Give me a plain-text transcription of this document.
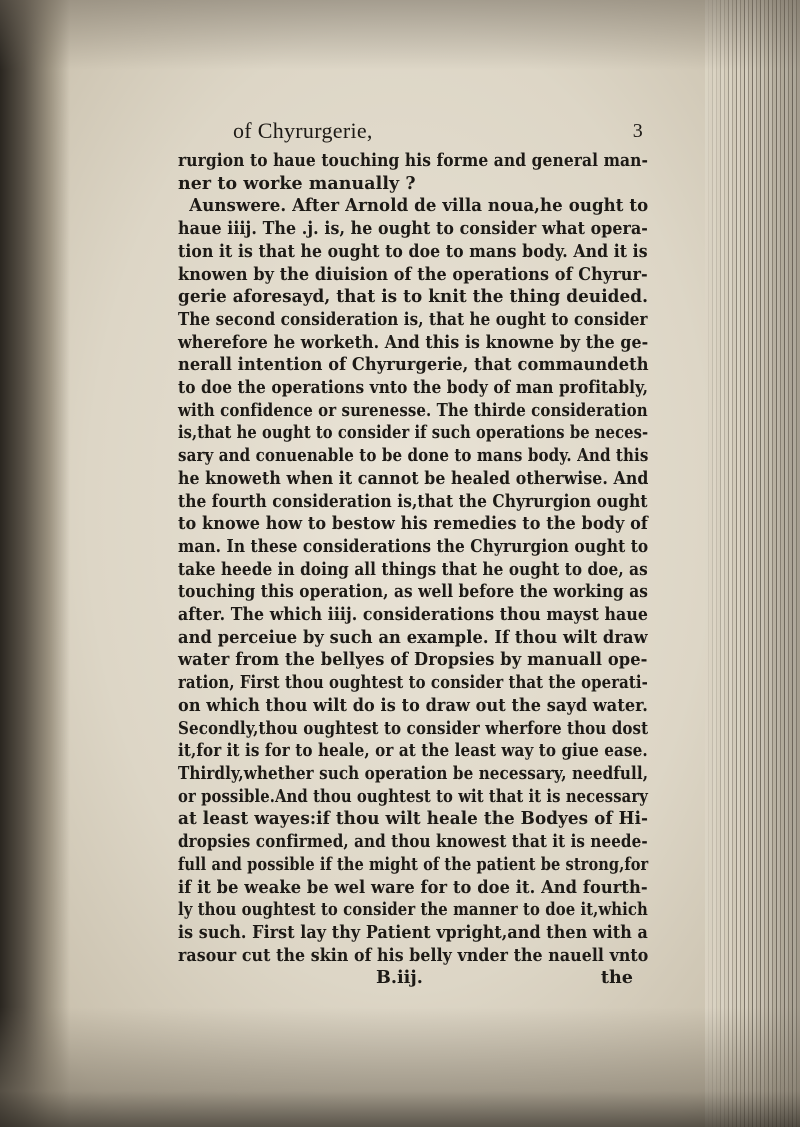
of Chyrurgerie,	3
rurgion to haue touching his forme and general man-
ner to worke manually ?
Aunswere. After Arnold de villa noua,he ought to
haue iiij. The .j. is, he ought to consider what opera-
tion it is that he ought to doe to mans body. And it is
knowen by the diuision of the operations of Chyrur-
gerie aforesayd, that is to knit the thing deuided.
The second consideration is, that he ought to consider
wherefore he worketh. And this is knowne by the ge-
nerall intention of Chyrurgerie, that commaundeth
to doe the operations vnto the body of man profitably,
with confidence or surenesse. The thirde consideration
is,that he ought to consider if such operations be neces-
sary and conuenable to be done to mans body. And this
he knoweth when it cannot be healed otherwise. And
the fourth consideration is,that the Chyrurgion ought
to knowe how to bestow his remedies to the body of
man. In these considerations the Chyrurgion ought to
take heede in doing all things that he ought to doe, as
touching this operation, as well before the working as
after. The which iiij. considerations thou mayst haue
and perceiue by such an example. If thou wilt draw
water from the bellyes of Dropsies by manuall ope-
ration, First thou oughtest to consider that the operati-
on which thou wilt do is to draw out the sayd water.
Secondly,thou oughtest to consider wherfore thou dost
it,for it is for to heale, or at the least way to giue ease.
Thirdly,whether such operation be necessary, needfull,
or possible.And thou oughtest to wit that it is necessary
at least wayes:if thou wilt heale the Bodyes of Hi-
dropsies confirmed, and thou knowest that it is neede-
full and possible if the might of the patient be strong,for
if it be weake be wel ware for to doe it. And fourth-
ly thou oughtest to consider the manner to doe it,which
is such. First lay thy Patient vpright,and then with a
rasour cut the skin of his belly vnder the nauell vnto
B.iij.	the
